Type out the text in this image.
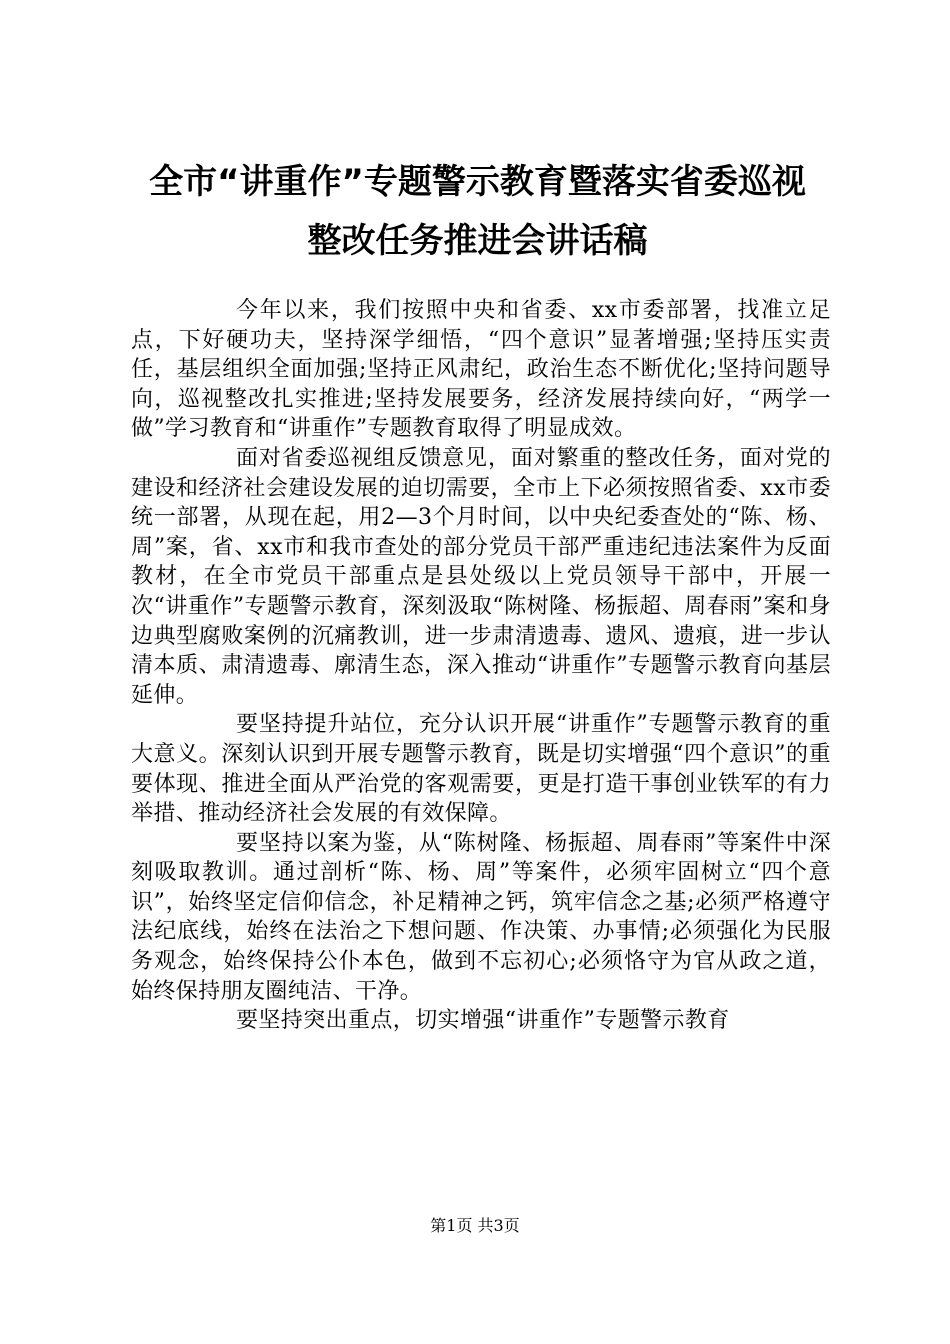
全市“讲重作”专题警示教育暨落实省委巡视
整改任务推进会讲话稿

今年以来，我们按照中央和省委、xx市委部署，找准立足点，下好硬功夫，坚持深学细悟，“四个意识”显著增强;坚持压实责任，基层组织全面加强;坚持正风肃纪，政治生态不断优化;坚持问题导向，巡视整改扎实推进;坚持发展要务，经济发展持续向好，“两学一做”学习教育和“讲重作”专题教育取得了明显成效。

面对省委巡视组反馈意见，面对繁重的整改任务，面对党的建设和经济社会建设发展的迫切需要，全市上下必须按照省委、xx市委统一部署，从现在起，用2—3个月时间，以中央纪委查处的“陈、杨、周”案，省、xx市和我市查处的部分党员干部严重违纪违法案件为反面教材，在全市党员干部重点是县处级以上党员领导干部中，开展一次“讲重作”专题警示教育，深刻汲取“陈树隆、杨振超、周春雨”案和身边典型腐败案例的沉痛教训，进一步肃清遗毒、遗风、遗痕，进一步认清本质、肃清遗毒、廓清生态，深入推动“讲重作”专题警示教育向基层延伸。

要坚持提升站位，充分认识开展“讲重作”专题警示教育的重大意义。深刻认识到开展专题警示教育，既是切实增强“四个意识”的重要体现、推进全面从严治党的客观需要，更是打造干事创业铁军的有力举措、推动经济社会发展的有效保障。

要坚持以案为鉴，从“陈树隆、杨振超、周春雨”等案件中深刻吸取教训。通过剖析“陈、杨、周”等案件，必须牢固树立“四个意识”，始终坚定信仰信念，补足精神之钙，筑牢信念之基;必须严格遵守法纪底线，始终在法治之下想问题、作决策、办事情;必须强化为民服务观念，始终保持公仆本色，做到不忘初心;必须恪守为官从政之道，始终保持朋友圈纯洁、干净。

要坚持突出重点，切实增强“讲重作”专题警示教育

第1页 共3页
